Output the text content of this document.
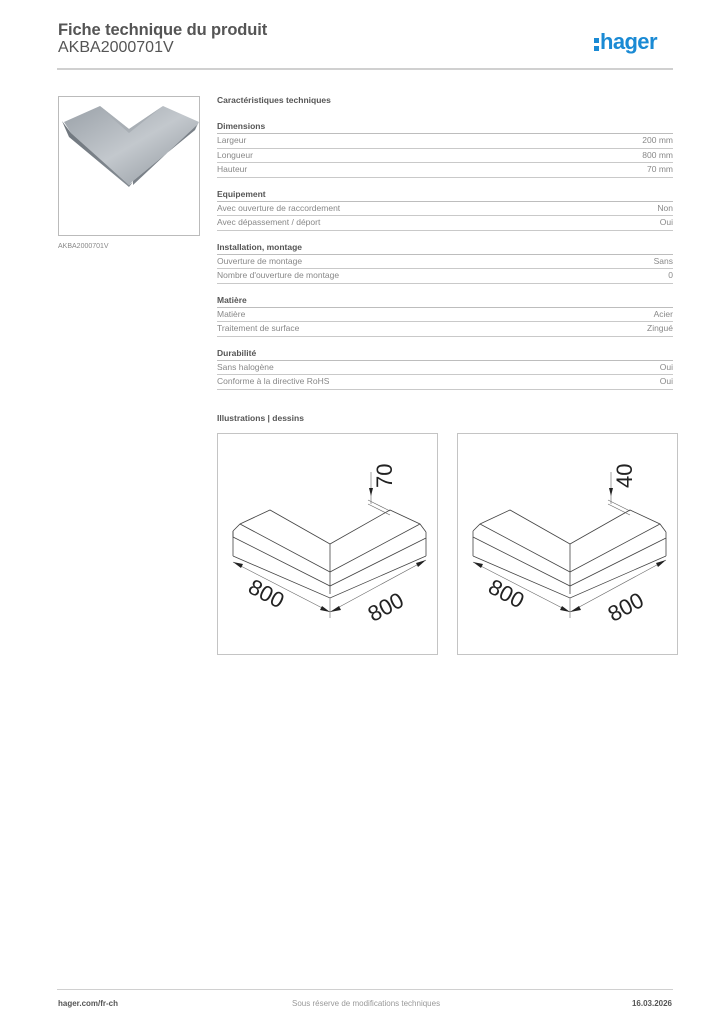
Fiche technique du produit
AKBA2000701V	hager
AKBA2000701V
Caractéristiques techniques
Dimensions
Largeur	200 mm
Longueur	800 mm
Hauteur	70 mm
Equipement
Avec ouverture de raccordement	Non
Avec dépassement / déport	Oui
Installation, montage
Ouverture de montage	Sans
Nombre d'ouverture de montage	0
Matière
Matière	Acier
Traitement de surface	Zingué
Durabilité
Sans halogène	Oui
Conforme à la directive RoHS	Oui
Illustrations | dessins
70
800	800
40
800	800
hager.com/fr-ch	Sous réserve de modifications techniques	16.03.2026
